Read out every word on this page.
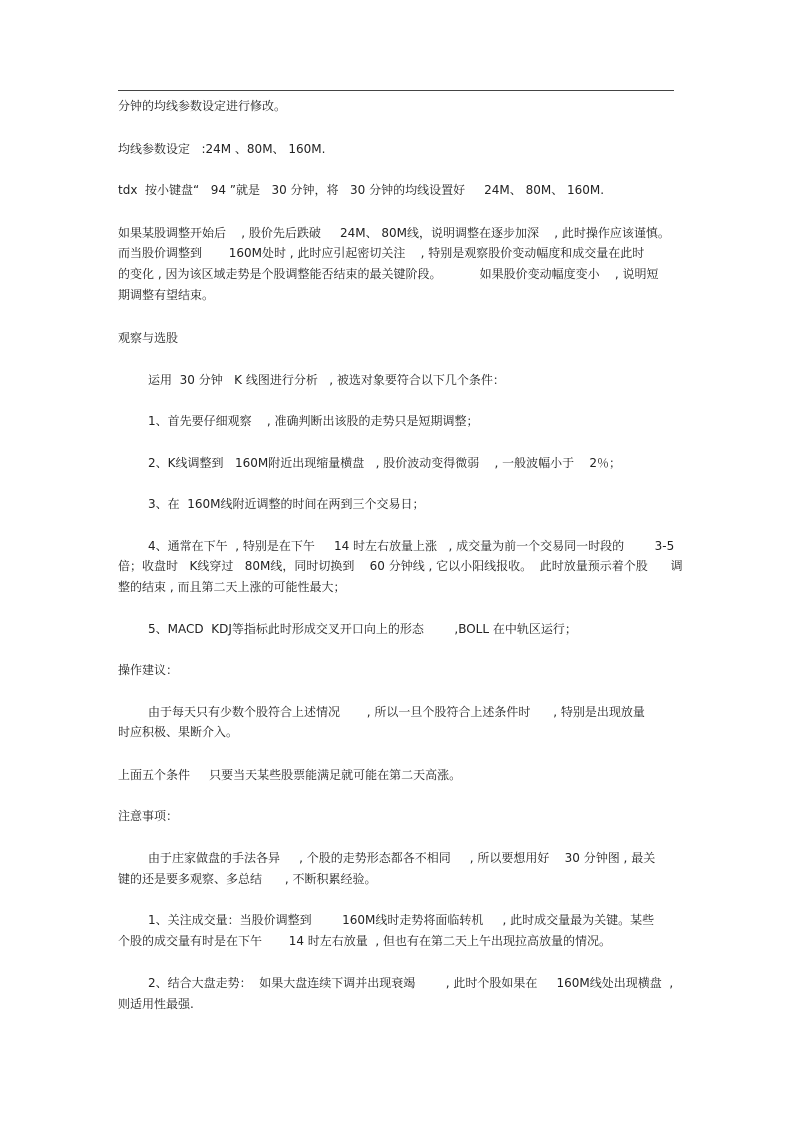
分钟的均线参数设定进行修改。
均线参数设定   :24M 、80M、 160M.
tdx  按小键盘“   94 ”就是   30 分钟，将   30 分钟的均线设置好     24M、 80M、 160M.
如果某股调整开始后    , 股价先后跌破     24M、 80M线，说明调整在逐步加深    , 此时操作应该谨慎。
而当股价调整到       160M处时 , 此时应引起密切关注    , 特别是观察股价变动幅度和成交量在此时
的变化 , 因为该区域走势是个股调整能否结束的最关键阶段。          如果股价变动幅度变小    , 说明短
期调整有望结束。
观察与选股
运用  30 分钟   K 线图进行分析   , 被选对象要符合以下几个条件：
1、首先要仔细观察    , 准确判断出该股的走势只是短期调整；
2、K线调整到   160M附近出现缩量横盘   , 股价波动变得微弱    , 一般波幅小于    2％；
3、在  160M线附近调整的时间在两到三个交易日；
4、通常在下午  , 特别是在下午     14 时左右放量上涨   , 成交量为前一个交易同一时段的        3-5
倍；收盘时   K线穿过   80M线，同时切换到    60 分钟线 , 它以小阳线报收。  此时放量预示着个股      调
整的结束 , 而且第二天上涨的可能性最大；
5、MACD  KDJ等指标此时形成交叉开口向上的形态        ,BOLL 在中轨区运行；
操作建议：
由于每天只有少数个股符合上述情况       , 所以一旦个股符合上述条件时      , 特别是出现放量
时应积极、果断介入。
上面五个条件     只要当天某些股票能满足就可能在第二天高涨。
注意事项：
由于庄家做盘的手法各异     , 个股的走势形态都各不相同     , 所以要想用好    30 分钟图 , 最关
键的还是要多观察、多总结      , 不断积累经验。
1、关注成交量：当股价调整到        160M线时走势将面临转机     , 此时成交量最为关键。某些
个股的成交量有时是在下午       14 时左右放量  , 但也有在第二天上午出现拉高放量的情况。
2、结合大盘走势：  如果大盘连续下调并出现衰竭        , 此时个股如果在     160M线处出现横盘  ,
则适用性最强.
